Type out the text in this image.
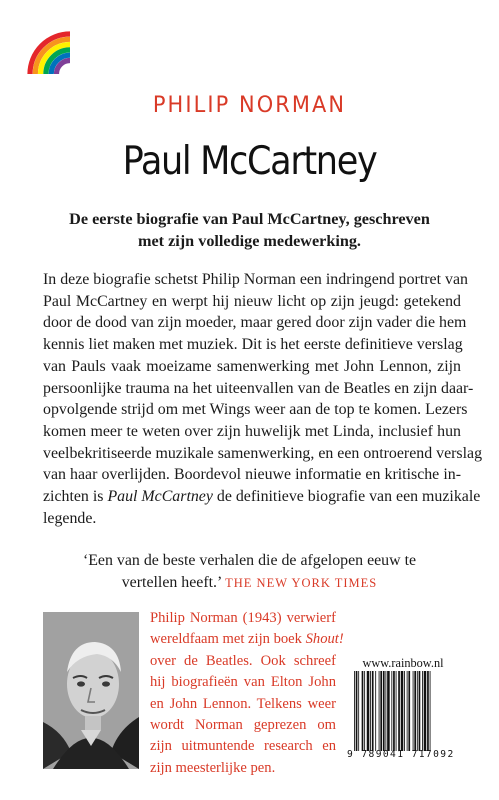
PHILIP NORMAN
Paul McCartney
De eerste biografie van Paul McCartney, geschreven
met zijn volledige medewerking.
In deze biografie schetst Philip Norman een indringend portret van
Paul McCartney en werpt hij nieuw licht op zijn jeugd: getekend
door de dood van zijn moeder, maar gered door zijn vader die hem
kennis liet maken met muziek. Dit is het eerste definitieve verslag
van Pauls vaak moeizame samenwerking met John Lennon, zijn
persoonlijke trauma na het uiteenvallen van de Beatles en zijn daar-
opvolgende strijd om met Wings weer aan de top te komen. Lezers
komen meer te weten over zijn huwelijk met Linda, inclusief hun
veelbekritiseerde muzikale samenwerking, en een ontroerend verslag
van haar overlijden. Boordevol nieuwe informatie en kritische in-
zichten is Paul McCartney de definitieve biografie van een muzikale
legende.
‘Een van de beste verhalen die de afgelopen eeuw te
vertellen heeft.’ THE NEW YORK TIMES
Philip Norman (1943) verwierf
wereldfaam met zijn boek Shout!
over de Beatles. Ook schreef
hij biografieën van Elton John
en John Lennon. Telkens weer
wordt Norman geprezen om
zijn uitmuntende research en
zijn meesterlijke pen.
www.rainbow.nl
9 789041 717092
